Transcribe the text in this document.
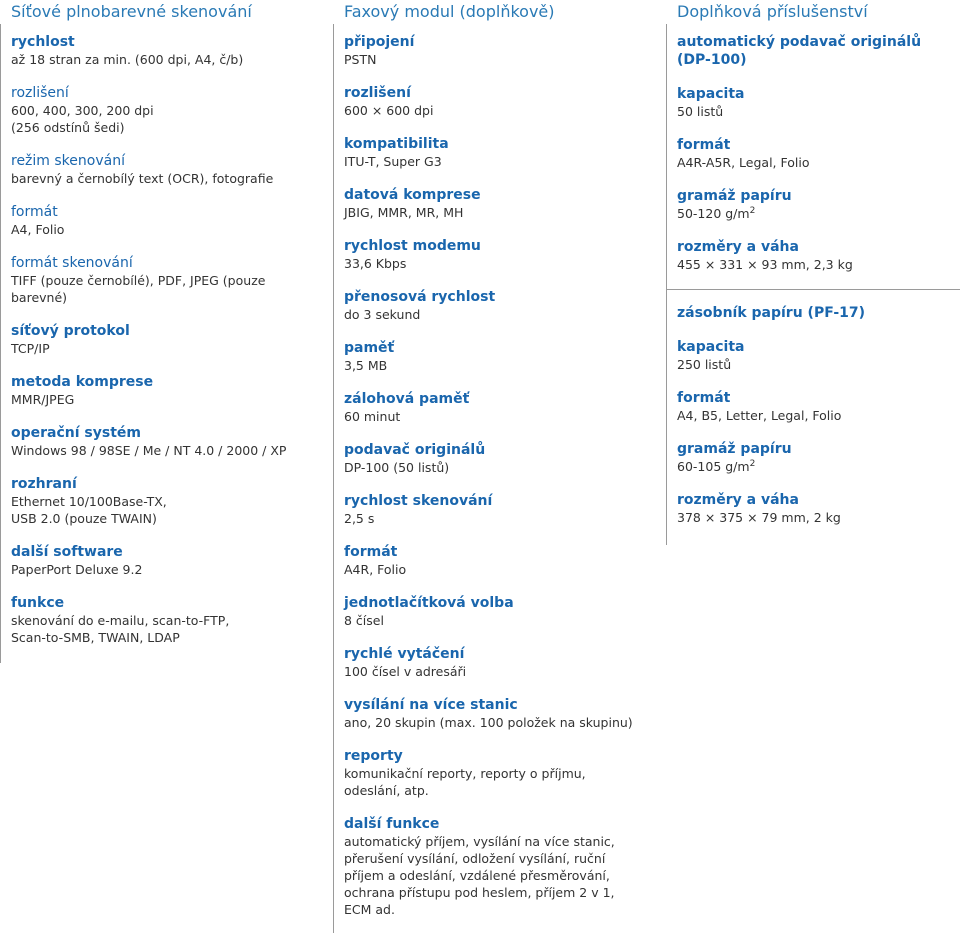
Síťové plnobarevné skenování
rychlost
až 18 stran za min. (600 dpi, A4, č/b)
rozlišení
600, 400, 300, 200 dpi
(256 odstínů šedi)
režim skenování
barevný a černobílý text (OCR), fotografie
formát
A4, Folio
formát skenování
TIFF (pouze černobílé), PDF, JPEG (pouze
barevné)
síťový protokol
TCP/IP
metoda komprese
MMR/JPEG
operační systém
Windows 98 / 98SE / Me / NT 4.0 / 2000 / XP
rozhraní
Ethernet 10/100Base-TX,
USB 2.0 (pouze TWAIN)
další software
PaperPort Deluxe 9.2
funkce
skenování do e-mailu, scan-to-FTP,
Scan-to-SMB, TWAIN, LDAP
Faxový modul (doplňkově)
připojení
PSTN
rozlišení
600 × 600 dpi
kompatibilita
ITU-T, Super G3
datová komprese
JBIG, MMR, MR, MH
rychlost modemu
33,6 Kbps
přenosová rychlost
do 3 sekund
paměť
3,5 MB
zálohová paměť
60 minut
podavač originálů
DP-100 (50 listů)
rychlost skenování
2,5 s
formát
A4R, Folio
jednotlačítková volba
8 čísel
rychlé vytáčení
100 čísel v adresáři
vysílání na více stanic
ano, 20 skupin (max. 100 položek na skupinu)
reporty
komunikační reporty, reporty o příjmu,
odeslání, atp.
další funkce
automatický příjem, vysílání na více stanic,
přerušení vysílání, odložení vysílání, ruční
příjem a odeslání, vzdálené přesměrování,
ochrana přístupu pod heslem, příjem 2 v 1,
ECM ad.
Doplňková příslušenství
automatický podavač originálů
(DP-100)
kapacita
50 listů
formát
A4R-A5R, Legal, Folio
gramáž papíru
50-120 $g/m^2$
rozměry a váha
455 × 331 × 93 mm, 2,3 kg
zásobník papíru (PF-17)
kapacita
250 listů
formát
A4, B5, Letter, Legal, Folio
gramáž papíru
60-105 $g/m^2$
rozměry a váha
378 × 375 × 79 mm, 2 kg
